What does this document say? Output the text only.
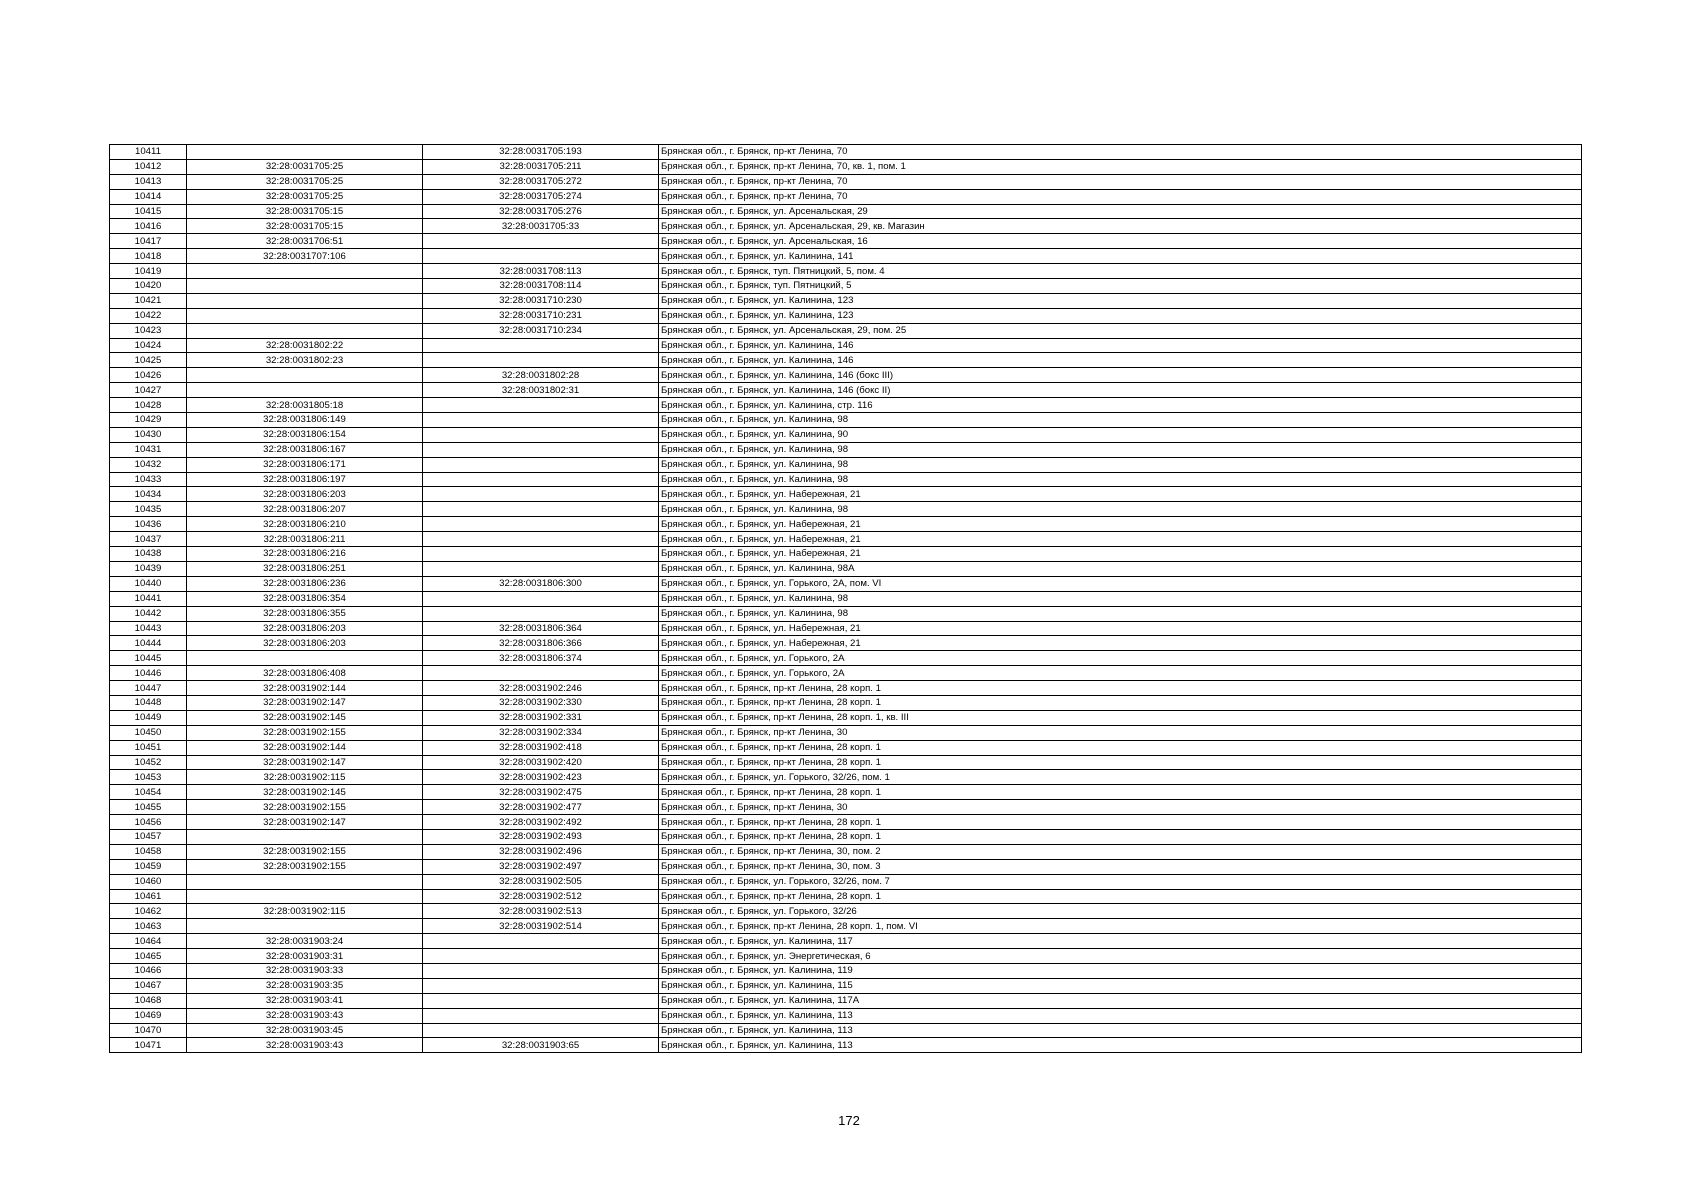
10411		32:28:0031705:193	Брянская обл., г. Брянск, пр-кт Ленина, 70
10412	32:28:0031705:25	32:28:0031705:211	Брянская обл., г. Брянск, пр-кт Ленина, 70, кв. 1, пом. 1
10413	32:28:0031705:25	32:28:0031705:272	Брянская обл., г. Брянск, пр-кт Ленина, 70
10414	32:28:0031705:25	32:28:0031705:274	Брянская обл., г. Брянск, пр-кт Ленина, 70
10415	32:28:0031705:15	32:28:0031705:276	Брянская обл., г. Брянск, ул. Арсенальская, 29
10416	32:28:0031705:15	32:28:0031705:33	Брянская обл., г. Брянск, ул. Арсенальская, 29, кв. Магазин
10417	32:28:0031706:51		Брянская обл., г. Брянск, ул. Арсенальская, 16
10418	32:28:0031707:106		Брянская обл., г. Брянск, ул. Калинина, 141
10419		32:28:0031708:113	Брянская обл., г. Брянск, туп. Пятницкий, 5, пом. 4
10420		32:28:0031708:114	Брянская обл., г. Брянск, туп. Пятницкий, 5
10421		32:28:0031710:230	Брянская обл., г. Брянск, ул. Калинина, 123
10422		32:28:0031710:231	Брянская обл., г. Брянск, ул. Калинина, 123
10423		32:28:0031710:234	Брянская обл., г. Брянск, ул. Арсенальская, 29, пом. 25
10424	32:28:0031802:22		Брянская обл., г. Брянск, ул. Калинина, 146
10425	32:28:0031802:23		Брянская обл., г. Брянск, ул. Калинина, 146
10426		32:28:0031802:28	Брянская обл., г. Брянск, ул. Калинина, 146 (бокс III)
10427		32:28:0031802:31	Брянская обл., г. Брянск, ул. Калинина, 146 (бокс II)
10428	32:28:0031805:18		Брянская обл., г. Брянск, ул. Калинина, стр. 116
10429	32:28:0031806:149		Брянская обл., г. Брянск, ул. Калинина, 98
10430	32:28:0031806:154		Брянская обл., г. Брянск, ул. Калинина, 90
10431	32:28:0031806:167		Брянская обл., г. Брянск, ул. Калинина, 98
10432	32:28:0031806:171		Брянская обл., г. Брянск, ул. Калинина, 98
10433	32:28:0031806:197		Брянская обл., г. Брянск, ул. Калинина, 98
10434	32:28:0031806:203		Брянская обл., г. Брянск, ул. Набережная, 21
10435	32:28:0031806:207		Брянская обл., г. Брянск, ул. Калинина, 98
10436	32:28:0031806:210		Брянская обл., г. Брянск, ул. Набережная, 21
10437	32:28:0031806:211		Брянская обл., г. Брянск, ул. Набережная, 21
10438	32:28:0031806:216		Брянская обл., г. Брянск, ул. Набережная, 21
10439	32:28:0031806:251		Брянская обл., г. Брянск, ул. Калинина, 98А
10440	32:28:0031806:236	32:28:0031806:300	Брянская обл., г. Брянск, ул. Горького, 2А, пом. VI
10441	32:28:0031806:354		Брянская обл., г. Брянск, ул. Калинина, 98
10442	32:28:0031806:355		Брянская обл., г. Брянск, ул. Калинина, 98
10443	32:28:0031806:203	32:28:0031806:364	Брянская обл., г. Брянск, ул. Набережная, 21
10444	32:28:0031806:203	32:28:0031806:366	Брянская обл., г. Брянск, ул. Набережная, 21
10445		32:28:0031806:374	Брянская обл., г. Брянск, ул. Горького, 2А
10446	32:28:0031806:408		Брянская обл., г. Брянск, ул. Горького, 2А
10447	32:28:0031902:144	32:28:0031902:246	Брянская обл., г. Брянск, пр-кт Ленина, 28 корп. 1
10448	32:28:0031902:147	32:28:0031902:330	Брянская обл., г. Брянск, пр-кт Ленина, 28 корп. 1
10449	32:28:0031902:145	32:28:0031902:331	Брянская обл., г. Брянск, пр-кт Ленина, 28 корп. 1, кв. III
10450	32:28:0031902:155	32:28:0031902:334	Брянская обл., г. Брянск, пр-кт Ленина, 30
10451	32:28:0031902:144	32:28:0031902:418	Брянская обл., г. Брянск, пр-кт Ленина, 28 корп. 1
10452	32:28:0031902:147	32:28:0031902:420	Брянская обл., г. Брянск, пр-кт Ленина, 28 корп. 1
10453	32:28:0031902:115	32:28:0031902:423	Брянская обл., г. Брянск, ул. Горького, 32/26, пом. 1
10454	32:28:0031902:145	32:28:0031902:475	Брянская обл., г. Брянск, пр-кт Ленина, 28 корп. 1
10455	32:28:0031902:155	32:28:0031902:477	Брянская обл., г. Брянск, пр-кт Ленина, 30
10456	32:28:0031902:147	32:28:0031902:492	Брянская обл., г. Брянск, пр-кт Ленина, 28 корп. 1
10457		32:28:0031902:493	Брянская обл., г. Брянск, пр-кт Ленина, 28 корп. 1
10458	32:28:0031902:155	32:28:0031902:496	Брянская обл., г. Брянск, пр-кт Ленина, 30, пом. 2
10459	32:28:0031902:155	32:28:0031902:497	Брянская обл., г. Брянск, пр-кт Ленина, 30, пом. 3
10460		32:28:0031902:505	Брянская обл., г. Брянск, ул. Горького, 32/26, пом. 7
10461		32:28:0031902:512	Брянская обл., г. Брянск, пр-кт Ленина, 28 корп. 1
10462	32:28:0031902:115	32:28:0031902:513	Брянская обл., г. Брянск, ул. Горького, 32/26
10463		32:28:0031902:514	Брянская обл., г. Брянск, пр-кт Ленина, 28 корп. 1, пом. VI
10464	32:28:0031903:24		Брянская обл., г. Брянск, ул. Калинина, 117
10465	32:28:0031903:31		Брянская обл., г. Брянск, ул. Энергетическая, 6
10466	32:28:0031903:33		Брянская обл., г. Брянск, ул. Калинина, 119
10467	32:28:0031903:35		Брянская обл., г. Брянск, ул. Калинина, 115
10468	32:28:0031903:41		Брянская обл., г. Брянск, ул. Калинина, 117А
10469	32:28:0031903:43		Брянская обл., г. Брянск, ул. Калинина, 113
10470	32:28:0031903:45		Брянская обл., г. Брянск, ул. Калинина, 113
10471	32:28:0031903:43	32:28:0031903:65	Брянская обл., г. Брянск, ул. Калинина, 113
172
